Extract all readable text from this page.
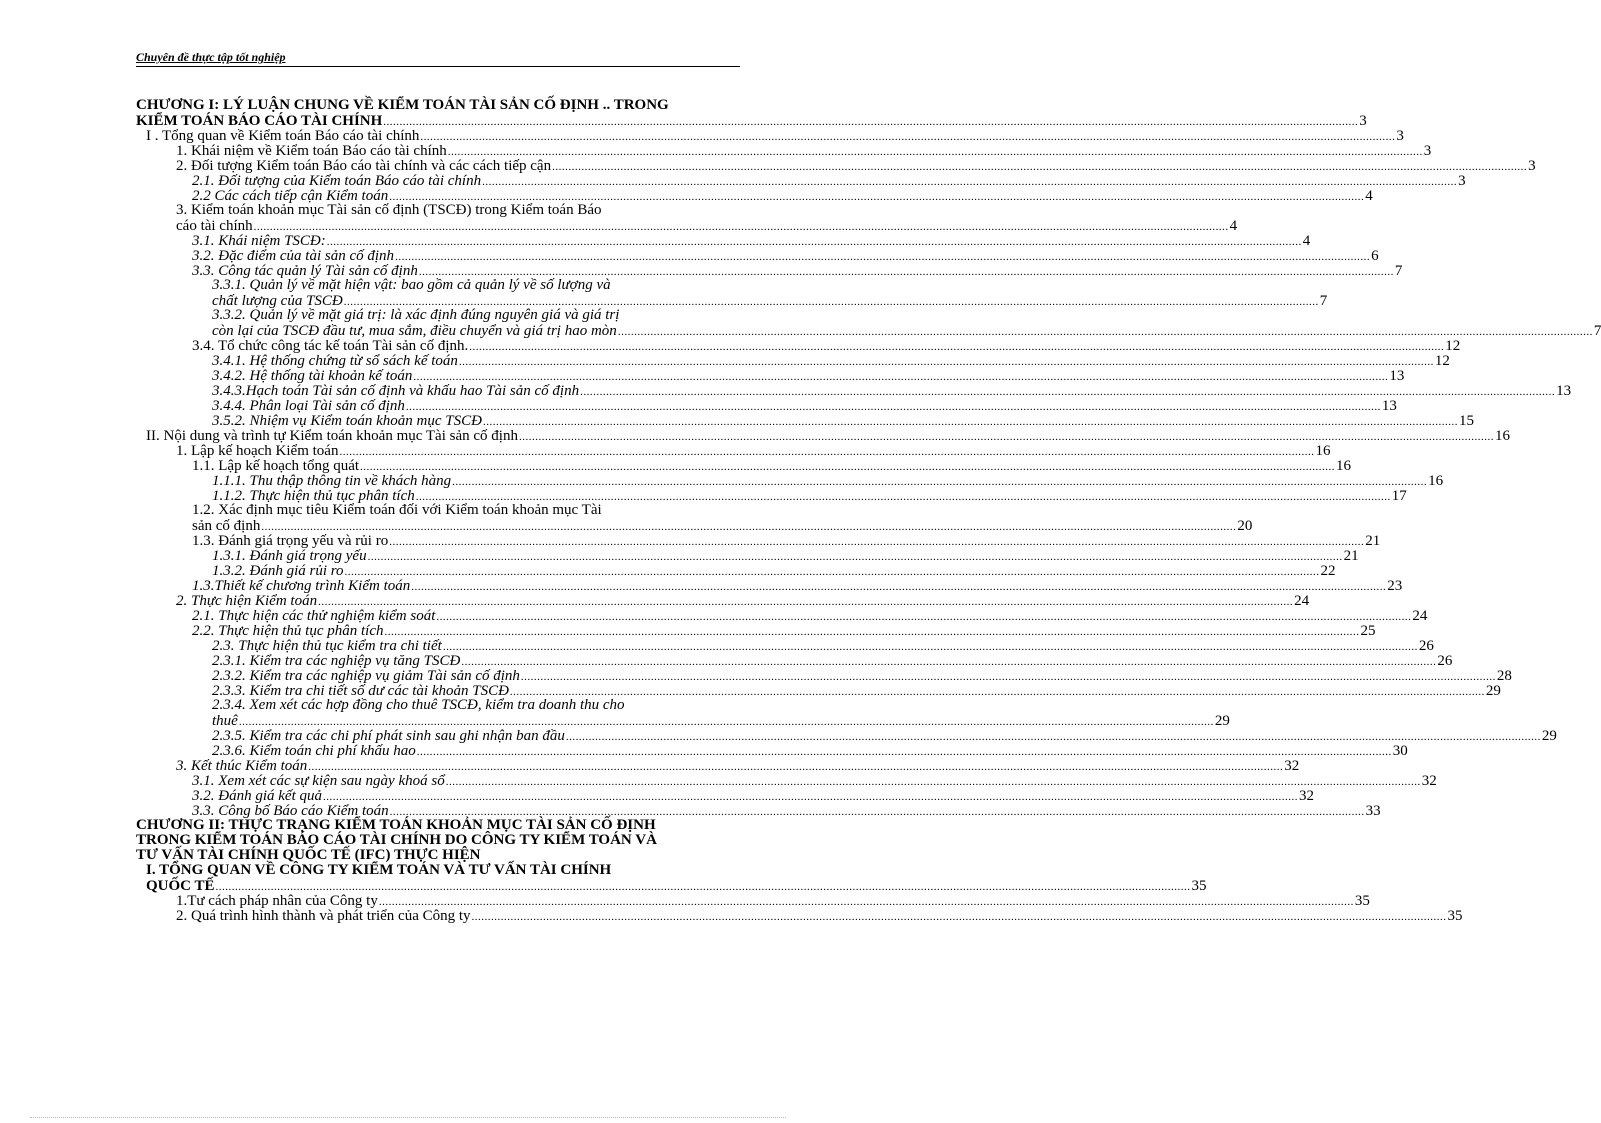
Chuyên đề thực tập tốt nghiệp
CHƯƠNG I: LÝ LUẬN CHUNG VỀ KIỂM TOÁN TÀI SẢN CỐ ĐỊNH .. TRONG
KIỂM TOÁN BÁO CÁO TÀI CHÍNH ............................................................................................................................................................................................................................................................................................................ 3
I . Tổng quan về Kiểm toán Báo cáo tài chính ............................................................................................................................................................................................................................................................................................................ 3
1. Khái niệm về Kiểm toán Báo cáo tài chính ............................................................................................................................................................................................................................................................................................................ 3
2. Đối tượng Kiểm toán Báo cáo tài chính và các cách tiếp cận ............................................................................................................................................................................................................................................................................................................ 3
2.1. Đối tượng của Kiểm toán Báo cáo tài chính ............................................................................................................................................................................................................................................................................................................ 3
2.2 Các cách tiếp cận Kiểm toán ............................................................................................................................................................................................................................................................................................................ 4
3. Kiểm toán khoản mục Tài sản cố định (TSCĐ) trong Kiểm toán Báo
cáo tài chính ............................................................................................................................................................................................................................................................................................................ 4
3.1. Khái niệm TSCĐ: ............................................................................................................................................................................................................................................................................................................ 4
3.2. Đặc điểm của tài sản cố định ............................................................................................................................................................................................................................................................................................................ 6
3.3. Công tác quản lý Tài sản cố định ............................................................................................................................................................................................................................................................................................................ 7
3.3.1. Quản lý về mặt hiện vật: bao gồm cả quản lý về số lượng và
chất lượng của TSCĐ ............................................................................................................................................................................................................................................................................................................ 7
3.3.2. Quản lý về mặt giá trị: là xác định đúng nguyên giá và giá trị
còn lại của TSCĐ đầu tư, mua sắm, điều chuyển và giá trị hao mòn ............................................................................................................................................................................................................................................................................................................ 7
3.4. Tổ chức công tác kế toán Tài sản cố định. ............................................................................................................................................................................................................................................................................................................ 12
3.4.1. Hệ thống chứng từ sổ sách kế toán ............................................................................................................................................................................................................................................................................................................ 12
3.4.2. Hệ thống tài khoản kế toán ............................................................................................................................................................................................................................................................................................................ 13
3.4.3.Hạch toán Tài sản cố định và khấu hao Tài sản cố định ............................................................................................................................................................................................................................................................................................................ 13
3.4.4. Phân loại Tài sản cố định ............................................................................................................................................................................................................................................................................................................ 13
3.5.2. Nhiệm vụ Kiểm toán khoản mục TSCĐ ............................................................................................................................................................................................................................................................................................................ 15
II. Nội dung và trình tự Kiểm toán khoản mục Tài sản cố định ............................................................................................................................................................................................................................................................................................................ 16
1. Lập kế hoạch Kiểm toán ............................................................................................................................................................................................................................................................................................................ 16
1.1. Lập kế hoạch tổng quát ............................................................................................................................................................................................................................................................................................................ 16
1.1.1. Thu thập thông tin về khách hàng ............................................................................................................................................................................................................................................................................................................ 16
1.1.2. Thực hiện thủ tục phân tích ............................................................................................................................................................................................................................................................................................................ 17
1.2. Xác định mục tiêu Kiểm toán đối với Kiểm toán khoản mục Tài
sản cố định ............................................................................................................................................................................................................................................................................................................ 20
1.3. Đánh giá trọng yếu và rủi ro ............................................................................................................................................................................................................................................................................................................ 21
1.3.1. Đánh giá trọng yếu ............................................................................................................................................................................................................................................................................................................ 21
1.3.2. Đánh giá rủi ro ............................................................................................................................................................................................................................................................................................................ 22
1.3.Thiết kế chương trình Kiểm toán ............................................................................................................................................................................................................................................................................................................ 23
2. Thực hiện Kiểm toán ............................................................................................................................................................................................................................................................................................................ 24
2.1. Thực hiện các thử nghiệm kiểm soát ............................................................................................................................................................................................................................................................................................................ 24
2.2. Thực hiện thủ tục phân tích ............................................................................................................................................................................................................................................................................................................ 25
2.3. Thực hiện thủ tục kiểm tra chi tiết ............................................................................................................................................................................................................................................................................................................ 26
2.3.1. Kiểm tra các nghiệp vụ tăng TSCĐ ............................................................................................................................................................................................................................................................................................................ 26
2.3.2. Kiểm tra các nghiệp vụ giảm Tài sản cố định ............................................................................................................................................................................................................................................................................................................ 28
2.3.3. Kiểm tra chi tiết số dư các tài khoản TSCĐ ............................................................................................................................................................................................................................................................................................................ 29
2.3.4. Xem xét các hợp đồng cho thuê TSCĐ, kiểm tra doanh thu cho
thuê ............................................................................................................................................................................................................................................................................................................ 29
2.3.5. Kiểm tra các chi phí phát sinh sau ghi nhận ban đầu ............................................................................................................................................................................................................................................................................................................ 29
2.3.6. Kiểm toán chi phí khấu hao ............................................................................................................................................................................................................................................................................................................ 30
3. Kết thúc Kiểm toán ............................................................................................................................................................................................................................................................................................................ 32
3.1. Xem xét các sự kiện sau ngày khoá sổ ............................................................................................................................................................................................................................................................................................................ 32
3.2. Đánh giá kết quả ............................................................................................................................................................................................................................................................................................................ 32
3.3. Công bố Báo cáo Kiểm toán ............................................................................................................................................................................................................................................................................................................ 33
CHƯƠNG II: THỰC TRẠNG KIỂM TOÁN KHOẢN MỤC TÀI SẢN CỐ ĐỊNH
TRONG KIỂM TOÁN BÁO CÁO TÀI CHÍNH DO CÔNG TY KIỂM TOÁN VÀ
TƯ VẤN TÀI CHÍNH QUỐC TẾ (IFC) THỰC HIỆN
I. TỔNG QUAN VỀ CÔNG TY KIỂM TOÁN VÀ TƯ VẤN TÀI CHÍNH
QUỐC TẾ ............................................................................................................................................................................................................................................................................................................ 35
1.Tư cách pháp nhân của Công ty ............................................................................................................................................................................................................................................................................................................ 35
2. Quá trình hình thành và phát triển của Công ty ............................................................................................................................................................................................................................................................................................................ 35
